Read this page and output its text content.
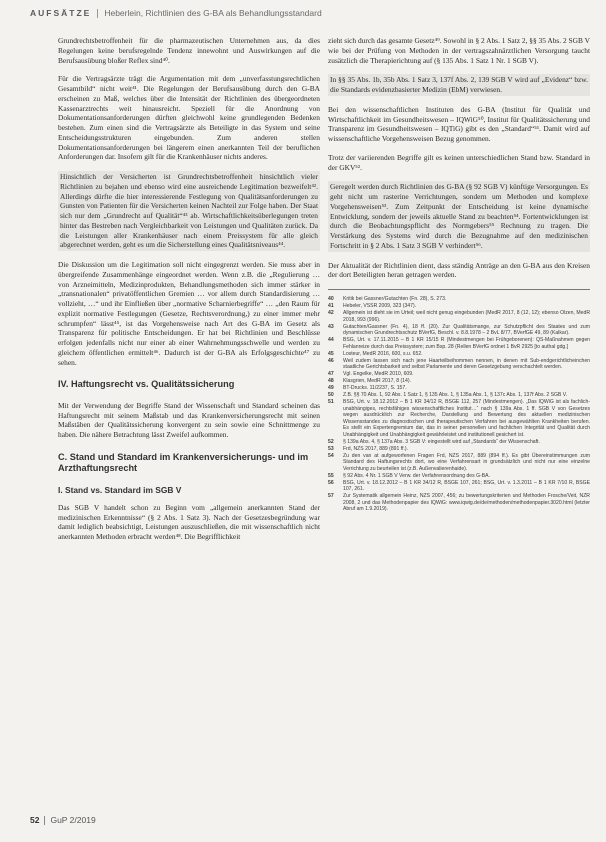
AUFSÄTZE Heberlein, Richtlinien des G-BA als Behandlungsstandard

Grundrechtsbetroffenheit für die pharmazeutischen Unternehmen aus, da dies Regelungen keine berufsregelnde Tendenz innewohnt und Auswirkungen auf die Berufsausübung bloßer Reflex sind⁴⁰.

Für die Vertragsärzte trägt die Argumentation mit dem „unverfasstungsrechtlichen Gesamtbild“ nicht weit⁴¹. Die Regelungen der Berufsausübung durch den G-BA erscheinen zu Maß, welches über die Intensität der Richtlinien des übergeordneten Kassenarztrechts weit hinausreicht. Speziell für die Anordnung von Dokumentationsanforderungen dürften gleichwohl keine grundlegenden Bedenken bestehen. Zum einen sind die Vertragsärzte als Beteiligte in das System und seine Entscheidungsstrukturen eingebunden. Zum anderen stellen Dokumentationsanforderungen bei längerem einen anerkannten Teil der beruflichen Anforderungen dar. Insofern gilt für die Krankenhäuser nichts anderes.

Hinsichtlich der Versicherten ist Grundrechtsbetroffenheit hinsichtlich vieler Richtlinien zu bejahen und ebenso wird eine ausreichende Legitimation bezweifelt⁴². Allerdings dürfte die hier interessierende Festlegung von Qualitätsanforderungen zu Gunsten von Patienten für die Versicherten keinen Nachteil zur Folge haben. Der Staat sich nur dem „Grundrecht auf Qualität“⁴³ ab. Wirtschaftlichkeitsüberlegungen treten hinter das Bestreben nach Vergleichbarkeit von Leistungen und Qualitäten zurück. Da die Leistungen aller Krankenhäuser nach einem Preissystem für alle gleich abgerechnet werden, geht es um die Sicherstellung eines Qualitätsniveaus⁴⁴.

Die Diskussion um die Legitimation soll nicht eingegrenzt werden. Sie muss aber in übergreifende Zusammenhänge eingeordnet werden. Wenn z.B. die „Regulierung … von Arzneimitteln, Medizinprodukten, Behandlungsmethoden sich immer stärker in „transnationalen“ privatöffentlichen Gremien … vor allem durch Standardisierung … vollzieht, …“ und ihr Einfließen über „normative Scharnierbegriffe“ … „den Raum für explizit normative Festlegungen (Gesetze, Rechtsverordnung,) zu einer immer mehr schrumpfen“ lässt⁴⁵, ist das Vorgehensweise nach Art des G-BA im Gesetz als Transparenz für politische Entscheidungen. Er hat bei Richtlinien und Beschlüsse erfolgen jedenfalls nicht nur einer ab einer Wahrnehmungsschwelle und werden zu gleichem öffentlichen ermittelt⁴⁶. Dadurch ist der G-BA als Erfolgsgeschichte⁴⁷ zu sehen.

IV. Haftungsrecht vs. Qualitätssicherung

Mit der Verwendung der Begriffe Stand der Wissenschaft und Standard scheinen das Haftungsrecht mit seinem Maßstab und das Krankenversicherungsrecht mit seinen Maßstäben der Qualitätssicherung konvergent zu sein sowie eine Schnittmenge zu haben. Die nähere Betrachtung lässt Zweifel aufkommen.

C. Stand und Standard im Krankenversicherungs- und im Arzthaftungsrecht
I. Stand vs. Standard im SGB V

Das SGB V handelt schon zu Beginn vom „allgemein anerkannten Stand der medizinischen Erkenntnisse“ (§ 2 Abs. 1 Satz 3). Nach der Gesetzesbegründung war damit lediglich beabsichtigt, Leistungen auszuschließen, die mit wissenschaftlich nicht anerkannten Methoden erbracht werden⁴⁸. Die Begrifflichkeit

zieht sich durch das gesamte Gesetz⁴⁹. Sowohl in § 2 Abs. 1 Satz 2, §§ 35 Abs. 2 SGB V wie bei der Prüfung von Methoden in der vertragszahnärztlichen Versorgung taucht zusätzlich die Therapierichtung auf (§ 135 Abs. 1 Satz 1 Nr. 1 SGB V).

In §§ 35 Abs. 1b, 35b Abs. 1 Satz 3, 137f Abs. 2, 139 SGB V wird auf „Evidenz“ bzw. die Standards evidenzbasierter Medizin (EbM) verwiesen.

Bei den wissenschaftlichen Instituten des G-BA (Institut für Qualität und Wirtschaftlichkeit im Gesundheitswesen – IQWiG⁵⁰, Institut für Qualitätssicherung und Transparenz im Gesundheitswesen – IQTiG) gibt es den „Standard“⁵¹. Damit wird auf wissenschaftliche Vorgehensweisen Bezug genommen.

Trotz der variierenden Begriffe gilt es keinen unterschiedlichen Stand bzw. Standard in der GKV⁵².

Geregelt werden durch Richtlinien des G-BA (§ 92 SGB V) künftige Versorgungen. Es geht nicht um rasterine Verrichtungen, sondern um Methoden und komplexe Vorgehensweisen⁵³. Zum Zeitpunkt der Entscheidung ist keine dynamische Entwicklung, sondern der jeweils aktuelle Stand zu beachten⁵⁴. Fortentwicklungen ist durch die Beobachtungspflicht des Normgebers⁵⁵ Rechnung zu tragen. Die Verstärkung des Systems wird durch die Bezugnahme auf den medizinischen Fortschritt in § 2 Abs. 1 Satz 3 SGB V verhindert⁵⁶.

Der Aktualität der Richtlinien dient, dass ständig Anträge an den G-BA aus den Kreisen der dort Beteiligten heran getragen werden.

40	Kritik bei Gassner/Gutachten (Fn. 28), S. 273.
41	Hebeler, VSSR 2009, 323 (347).
42	Allgemein ist dieht sie im Urteil; weil nicht genug eingebunden (MedR 2017, 8 (12, 12); ebenso Olzen, MedR 2018, 993 (996).
43	Gutachten/Gassner (Fn. 4), 18 ff. (20). Zur Qualitätsmange, zur Schutzpflicht des Staates und zum dynamischen Grundrechtsschutz BVerfG, Beschl. v. 8.8.1978 – 2 BvL 8/77, BVerfGE 49, 89 (Kalkar).
44	BSG, Urt. v. 17.11.2015 – B 1 KR 15/15 R (Mindestmengen bei Frühgeborenen): QS-Maßnahmen gegen Fehlanreize durch das Preissystem; zum Bsp. 28 (Rellen BVerfG ordnet 1 BvR 2925 [to authal gdg.]
45	Losteur, MedR 2016, 600, s.u. 652.
46	Weil zudem lassen sich nach jene Haarteilbeihommen nennen, in denen mit Sub-endgerichtlicheinchen staatliche Gerichtsbarkeit und selbst Parlamente und deren Gesetzgebung verschachtelt werden.
47	Vgl. Engelke, MedR 2010, 609.
48	Klasgrien, MedR 2017, 8 (14).
49	BT-Drucks. 11/2237, S. 157.
50	Z.B. §§ 70 Abs. 1, 92 Abs. 1 Satz 1, § 135 Abs. 1, § 135a Abs. 1, § 137c Abs. 1, 137f Abs. 2 SGB V.
51	BSG, Urt. v. 18.12.2012 – B 1 KR 34/12 R, BSGE 112, 257 (Mindestmengen). „Das IQWiG ist als fachlich-unabhängiges, rechtsfähiges wissenschaftliches Institut…“ nach § 139a Abs. 1 ff. SGB V von Gesetzes wegen ausdrücklich zur Recherche, Darstellung und Bewertung des aktuellen medizinischen Wissensstandes zu diagnostischen und therapeutischen Verfahren bei ausgewählten Krankheiten berufen. Es stellt ein Expertengremium dar, das in seiner personellen und fachlichen Integrität und Qualität durch Unabhängigkeit und Unabhängigkeit gewährleistet und institutionell gesichert ist.
52	§ 139a Abs. 4, § 137a Abs. 3 SGB V: eingestellt wird auf „Standards“ der Wissenschaft.
53	Frd, NZS 2017, 889 (891 ff.).
54	Zu den van at aufgeworfenen Fragen Frd, NZS 2017, 889 (894 ff.). Es gibt Übereinstimmungen zum Standard des Haftungsrechts dort, wo eine Verfahrensart in grundsätzlich und nicht nur eine einzelne Verrichtung zu beurteilen ist (z.B. Außenvalierenhaide).
55	§ 92 Abs. 4 Nr. 1 SGB V Verw. der Verfahrensordnung des G-BA.
56	BSG, Urt. v. 18.12.2012 – B 1 KR 34/12 R, BSGE 107, 261; BSG, Urt. v. 1.3.2011 – B 1 KR 7/10 R, BSGE 107, 261.
57	Zur Systematik allgemein Heinz, NZS 2007, 456; zu bewertungskriterien und Methoden Frosche/Veit, NZR 2008, 2 und das Methodenpapier des IQWiG: www.iqwig.de/de/methoden/methodenpapier.3020.html (letzter Abruf am 1.9.2019).
52 GuP 2/2019
